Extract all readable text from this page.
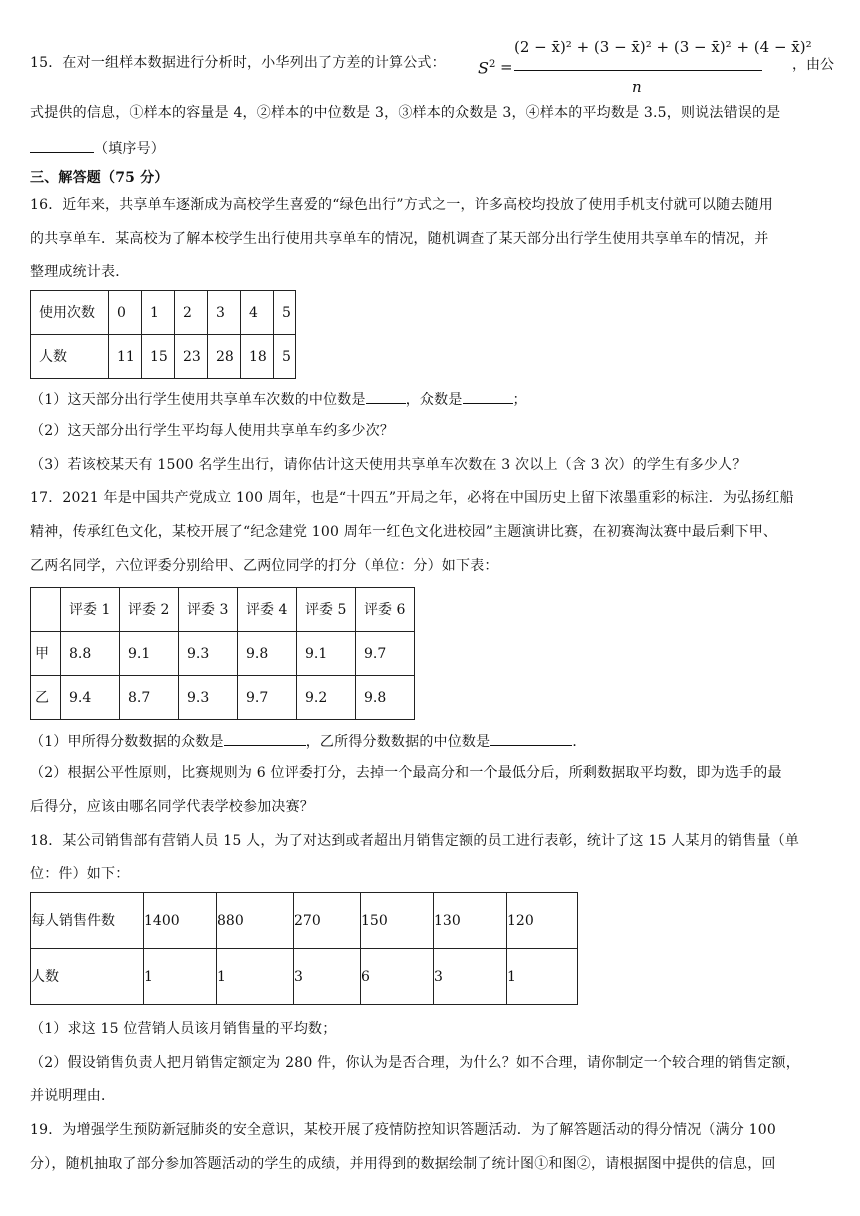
15．在对一组样本数据进行分析时，小华列出了方差的计算公式： $S^2$ =
(2 − x̄)² + (3 − x̄)² + (3 − x̄)² + (4 − x̄)²
n
，由公
式提供的信息，①样本的容量是 4，②样本的中位数是 3，③样本的众数是 3，④样本的平均数是 3.5，则说法错误的是
（填序号）
三、解答题（75 分）
16．近年来，共享单车逐渐成为高校学生喜爱的“绿色出行”方式之一，许多高校均投放了使用手机支付就可以随去随用
的共享单车．某高校为了解本校学生出行使用共享单车的情况，随机调查了某天部分出行学生使用共享单车的情况，并
整理成统计表．
使用次数	0	1	2	3	4	5
人数	11	15	23	28	18	5
（1）这天部分出行学生使用共享单车次数的中位数是	，众数是	；
（2）这天部分出行学生平均每人使用共享单车约多少次？
（3）若该校某天有 1500 名学生出行，请你估计这天使用共享单车次数在 3 次以上（含 3 次）的学生有多少人？
17．2021 年是中国共产党成立 100 周年，也是“十四五”开局之年，必将在中国历史上留下浓墨重彩的标注．为弘扬红船
精神，传承红色文化，某校开展了“纪念建党 100 周年一红色文化进校园”主题演讲比赛，在初赛淘汰赛中最后剩下甲、
乙两名同学，六位评委分别给甲、乙两位同学的打分（单位：分）如下表：
	评委 1	评委 2	评委 3	评委 4	评委 5	评委 6
甲	8.8	9.1	9.3	9.8	9.1	9.7
乙	9.4	8.7	9.3	9.7	9.2	9.8
（1）甲所得分数数据的众数是	，乙所得分数数据的中位数是	．
（2）根据公平性原则，比赛规则为 6 位评委打分，去掉一个最高分和一个最低分后，所剩数据取平均数，即为选手的最
后得分，应该由哪名同学代表学校参加决赛？
18．某公司销售部有营销人员 15 人，为了对达到或者超出月销售定额的员工进行表彰，统计了这 15 人某月的销售量（单
位：件）如下：
每人销售件数	1400	880	270	150	130	120
人数	1	1	3	6	3	1
（1）求这 15 位营销人员该月销售量的平均数；
（2）假设销售负责人把月销售定额定为 280 件，你认为是否合理，为什么？如不合理，请你制定一个较合理的销售定额，
并说明理由．
19．为增强学生预防新冠肺炎的安全意识，某校开展了疫情防控知识答题活动．为了解答题活动的得分情况（满分 100
分），随机抽取了部分参加答题活动的学生的成绩，并用得到的数据绘制了统计图①和图②，请根据图中提供的信息，回
